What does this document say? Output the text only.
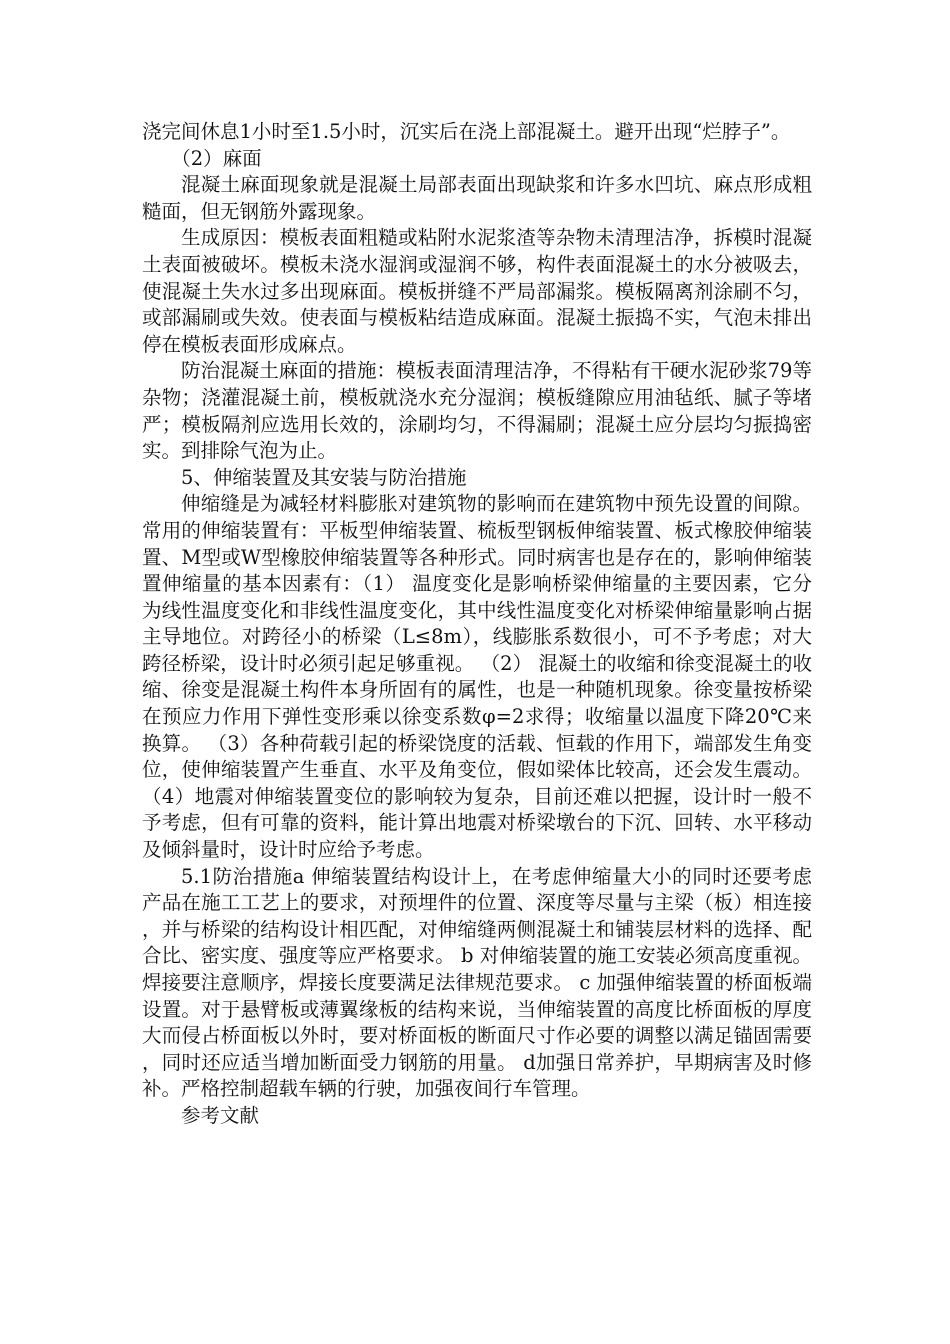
浇完间休息1小时至1.5小时，沉实后在浇上部混凝土。避开出现“烂脖子”。

（2）麻面

混凝土麻面现象就是混凝土局部表面出现缺浆和许多水凹坑、麻点形成粗糙面，但无钢筋外露现象。

生成原因：模板表面粗糙或粘附水泥浆渣等杂物未清理洁净，拆模时混凝土表面被破坏。模板未浇水湿润或湿润不够，构件表面混凝土的水分被吸去，使混凝土失水过多出现麻面。模板拼缝不严局部漏浆。模板隔离剂涂刷不匀，或部漏刷或失效。使表面与模板粘结造成麻面。混凝土振捣不实，气泡未排出停在模板表面形成麻点。

防治混凝土麻面的措施：模板表面清理洁净，不得粘有干硬水泥砂浆79等杂物；浇灌混凝土前，模板就浇水充分湿润；模板缝隙应用油毡纸、腻子等堵严；模板隔剂应选用长效的，涂刷均匀，不得漏刷；混凝土应分层均匀振捣密实。到排除气泡为止。

5、伸缩装置及其安装与防治措施

伸缩缝是为减轻材料膨胀对建筑物的影响而在建筑物中预先设置的间隙。常用的伸缩装置有：平板型伸缩装置、梳板型钢板伸缩装置、板式橡胶伸缩装置、M型或W型橡胶伸缩装置等各种形式。同时病害也是存在的，影响伸缩装置伸缩量的基本因素有：（1） 温度变化是影响桥梁伸缩量的主要因素，它分为线性温度变化和非线性温度变化，其中线性温度变化对桥梁伸缩量影响占据主导地位。对跨径小的桥梁（L≤8m），线膨胀系数很小，可不予考虑；对大跨径桥梁，设计时必须引起足够重视。 （2） 混凝土的收缩和徐变混凝土的收缩、徐变是混凝土构件本身所固有的属性，也是一种随机现象。徐变量按桥梁在预应力作用下弹性变形乘以徐变系数φ=2求得；收缩量以温度下降20℃来换算。 （3）各种荷载引起的桥梁饶度的活载、恒载的作用下，端部发生角变位，使伸缩装置产生垂直、水平及角变位，假如梁体比较高，还会发生震动。 （4）地震对伸缩装置变位的影响较为复杂，目前还难以把握，设计时一般不予考虑，但有可靠的资料，能计算出地震对桥梁墩台的下沉、回转、水平移动及倾斜量时，设计时应给予考虑。

5.1防治措施a 伸缩装置结构设计上，在考虑伸缩量大小的同时还要考虑产品在施工工艺上的要求，对预埋件的位置、深度等尽量与主梁（板）相连接，并与桥梁的结构设计相匹配，对伸缩缝两侧混凝土和铺装层材料的选择、配合比、密实度、强度等应严格要求。 b 对伸缩装置的施工安装必须高度重视。焊接要注意顺序，焊接长度要满足法律规范要求。 c 加强伸缩装置的桥面板端设置。对于悬臂板或薄翼缘板的结构来说，当伸缩装置的高度比桥面板的厚度大而侵占桥面板以外时，要对桥面板的断面尺寸作必要的调整以满足锚固需要，同时还应适当增加断面受力钢筋的用量。 d加强日常养护，早期病害及时修补。严格控制超载车辆的行驶，加强夜间行车管理。

参考文献
